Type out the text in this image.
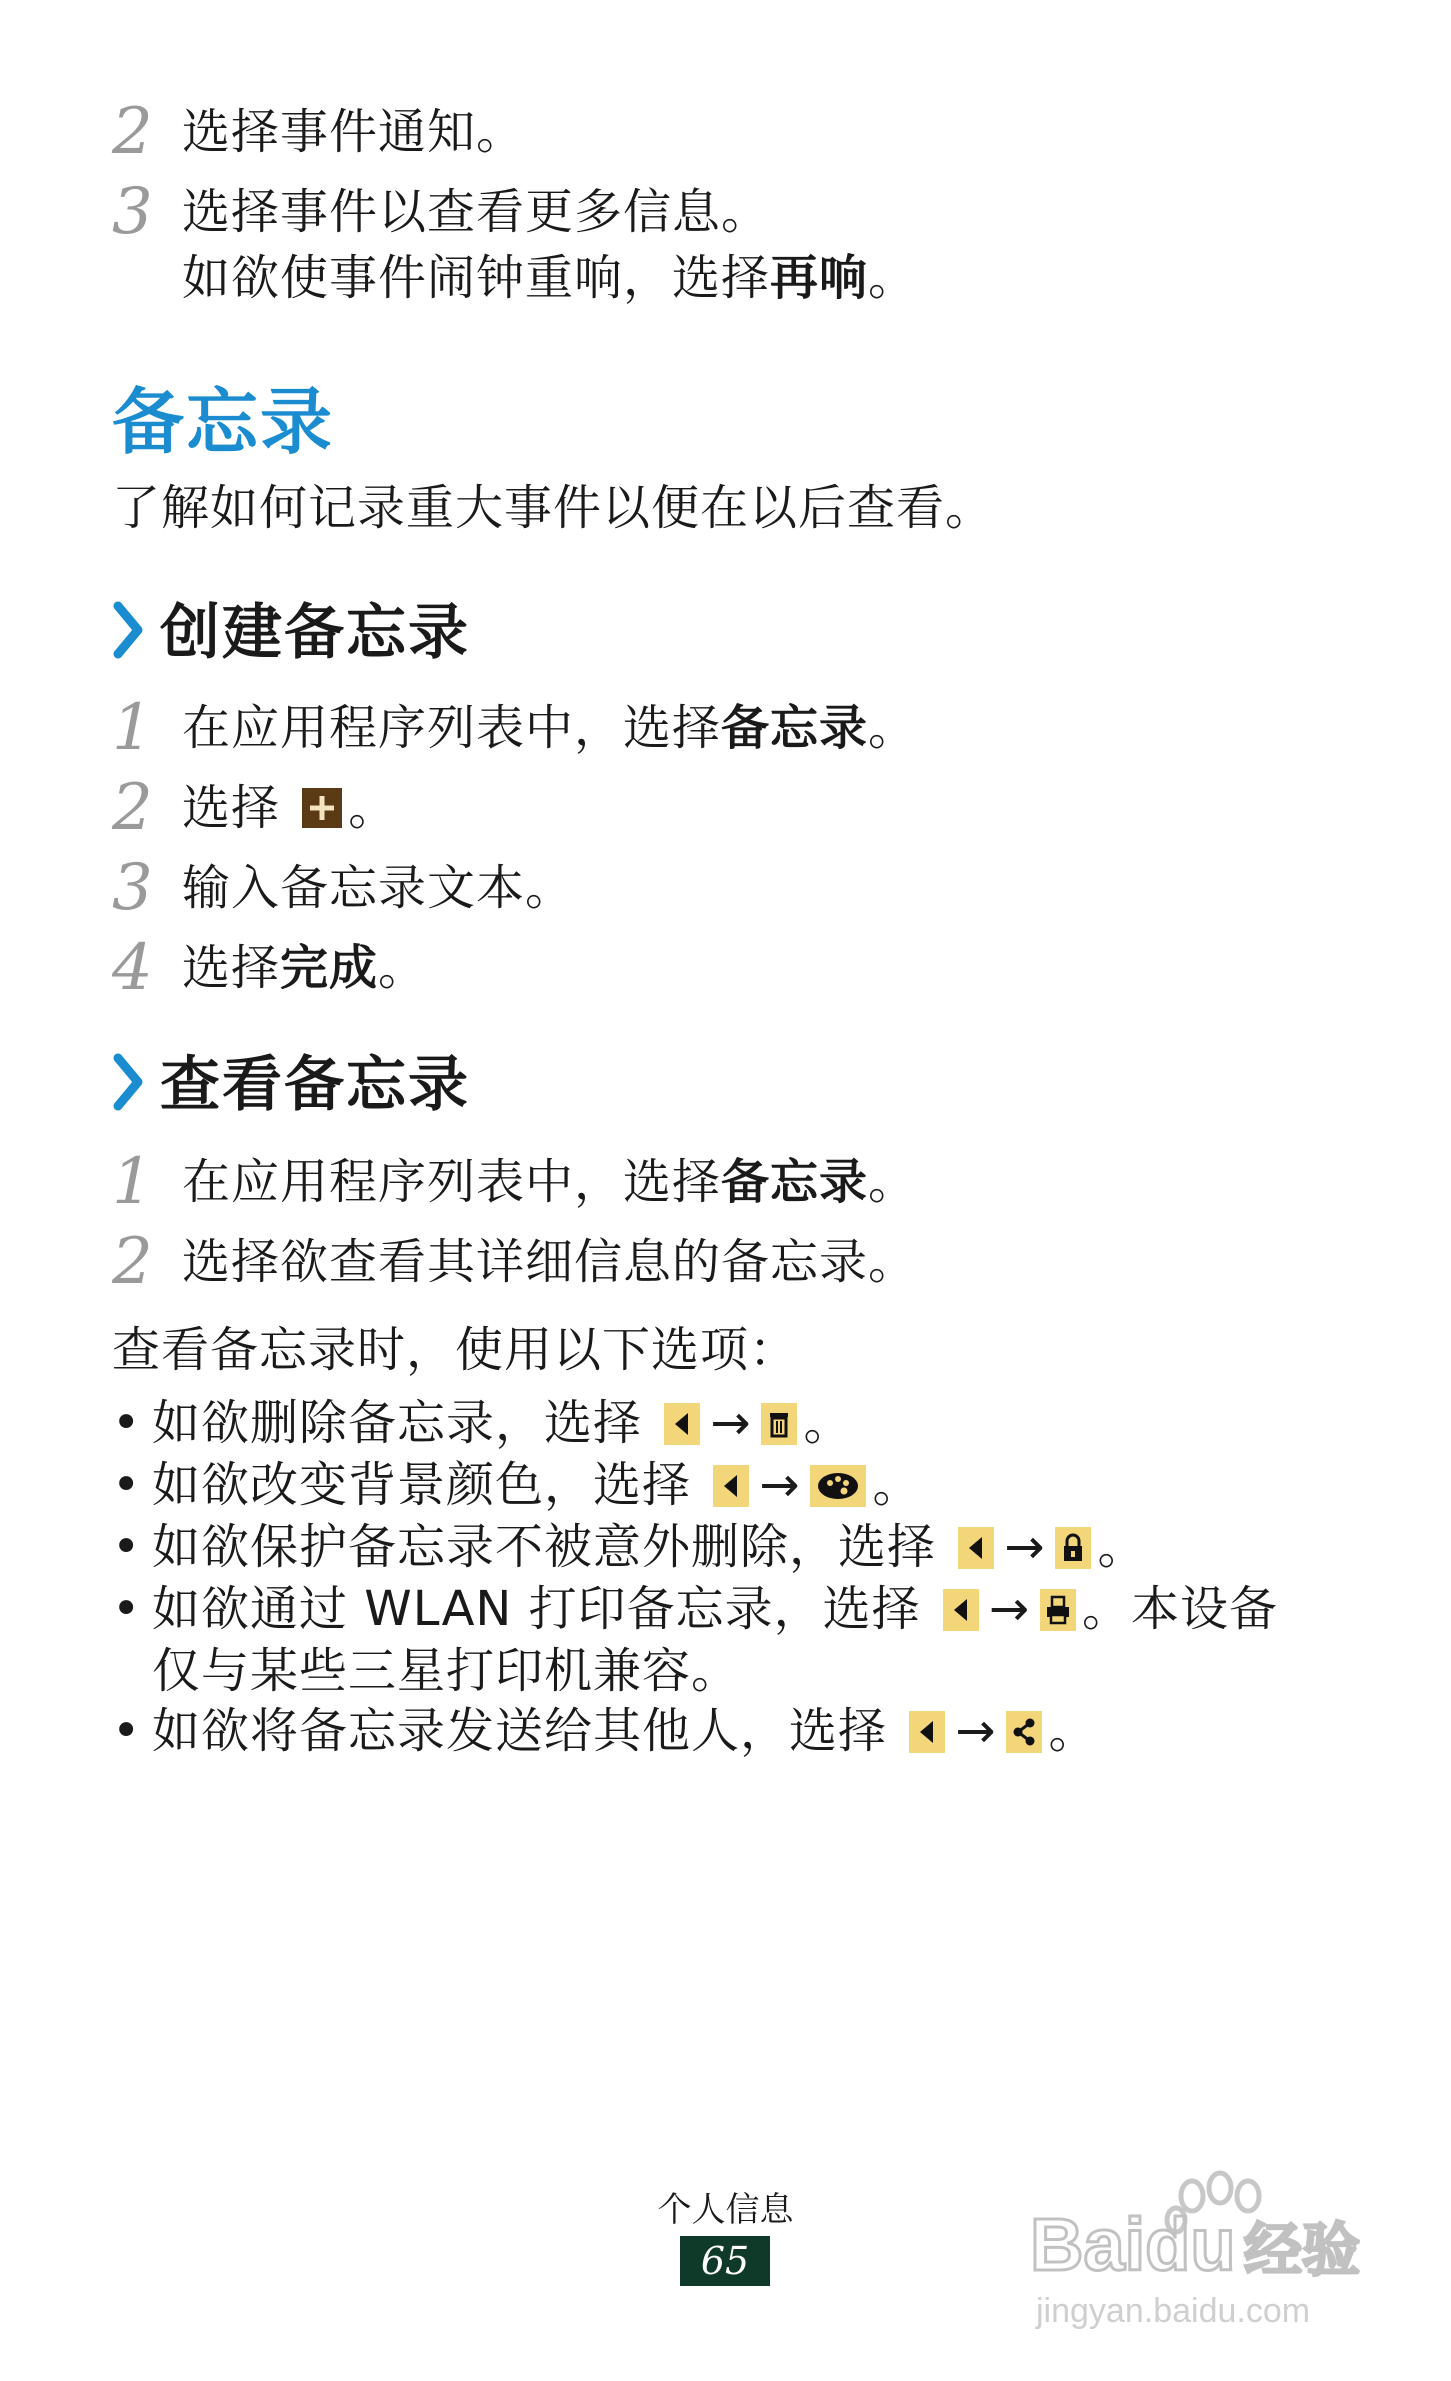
2 选择事件通知。
3 选择事件以查看更多信息。
如欲使事件闹钟重响，选择再响。
备忘录
了解如何记录重大事件以便在以后查看。
创建备忘录
1 在应用程序列表中，选择备忘录。
2 选择
。
3 输入备忘录文本。
4 选择完成。
查看备忘录
1 在应用程序列表中，选择备忘录。
2 选择欲查看其详细信息的备忘录。
查看备忘录时，使用以下选项：
• 如欲删除备忘录，选择
→ 。
• 如欲改变背景颜色，选择
→ 。
• 如欲保护备忘录不被意外删除，选择
→ 。
• 如欲通过 WLAN 打印备忘录，选择
→ 。本设备仅与某些三星打印机兼容。
• 如欲将备忘录发送给其他人，选择
→ 。
个人信息
65	Baidu 经验
jingyan.baidu.com
